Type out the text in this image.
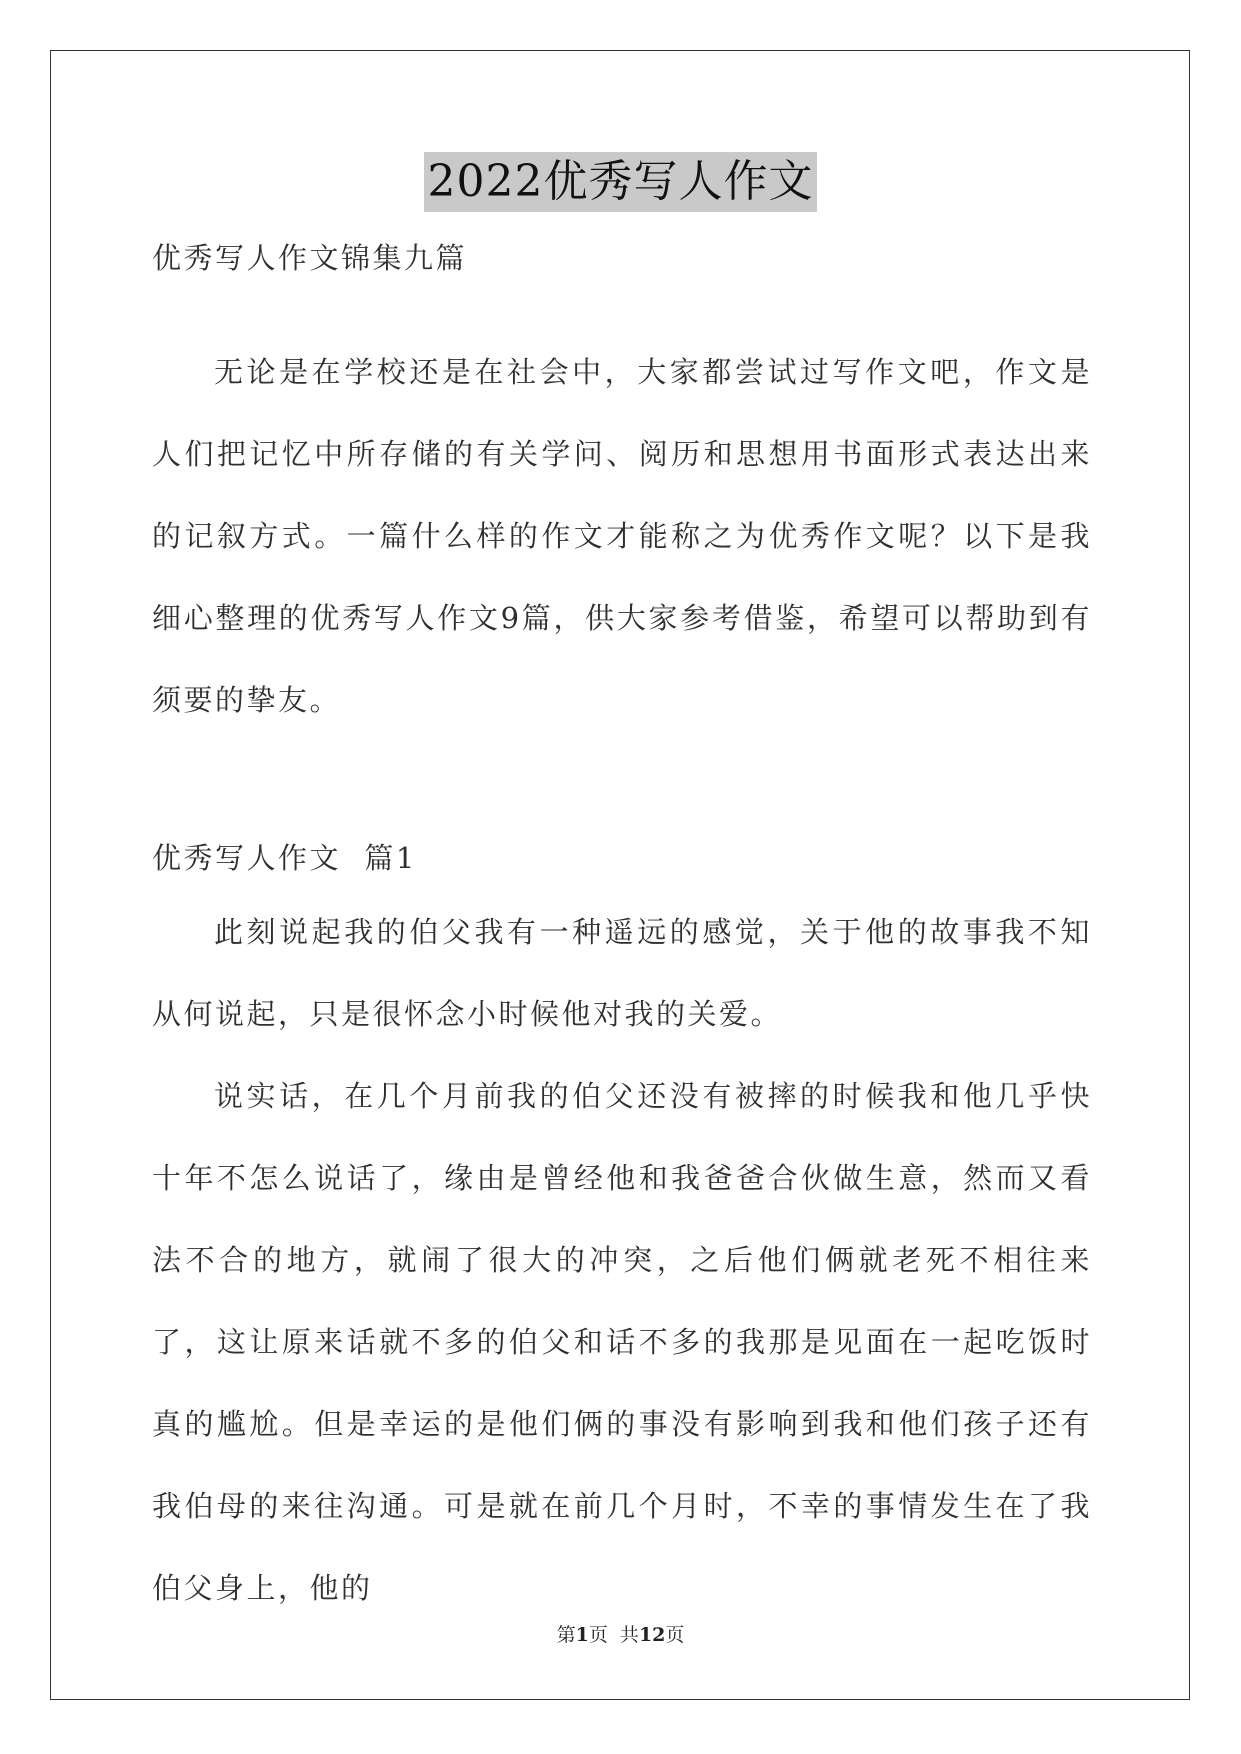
2022优秀写人作文
优秀写人作文锦集九篇
无论是在学校还是在社会中，大家都尝试过写作文吧，作文是人们把记忆中所存储的有关学问、阅历和思想用书面形式表达出来的记叙方式。一篇什么样的作文才能称之为优秀作文呢？以下是我细心整理的优秀写人作文9篇，供大家参考借鉴，希望可以帮助到有须要的挚友。
优秀写人作文  篇1
此刻说起我的伯父我有一种遥远的感觉，关于他的故事我不知从何说起，只是很怀念小时候他对我的关爱。
说实话，在几个月前我的伯父还没有被摔的时候我和他几乎快十年不怎么说话了，缘由是曾经他和我爸爸合伙做生意，然而又看法不合的地方，就闹了很大的冲突，之后他们俩就老死不相往来了，这让原来话就不多的伯父和话不多的我那是见面在一起吃饭时真的尴尬。但是幸运的是他们俩的事没有影响到我和他们孩子还有我伯母的来往沟通。可是就在前几个月时，不幸的事情发生在了我伯父身上，他的
第1页  共12页
